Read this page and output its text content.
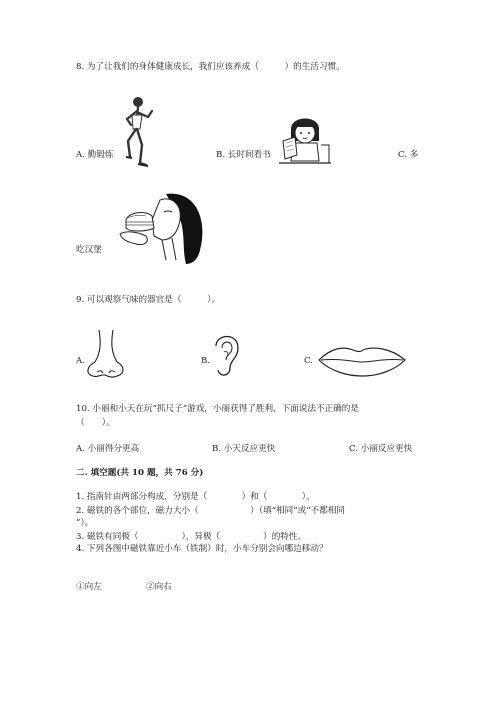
8. 为了让我们的身体健康成长，我们应该养成（　　　）的生活习惯。
A. 勤锻炼	B. 长时间看书	C. 多
吃汉堡
9. 可以观察气味的器官是（　　　）。
A.	B.	C.
10. 小丽和小天在玩“抓尺子”游戏，小丽获得了胜利，下面说法不正确的是
（　　）。
A. 小丽得分更高	B. 小天反应更快	C. 小丽反应更快
二. 填空题(共 10 题，共 76 分)
1. 指南针由两部分构成，分别是（　　　　）和（　　　　）。
2. 磁铁的各个部位，磁力大小（　　　　　　）（填“相同”或“不都相同
”）。
3. 磁铁有同极（　　　　　），异极（　　　　　）的特性。
4. 下列各图中磁铁靠近小车（铁制）时，小车分别会向哪边移动？
①向左	②向右
